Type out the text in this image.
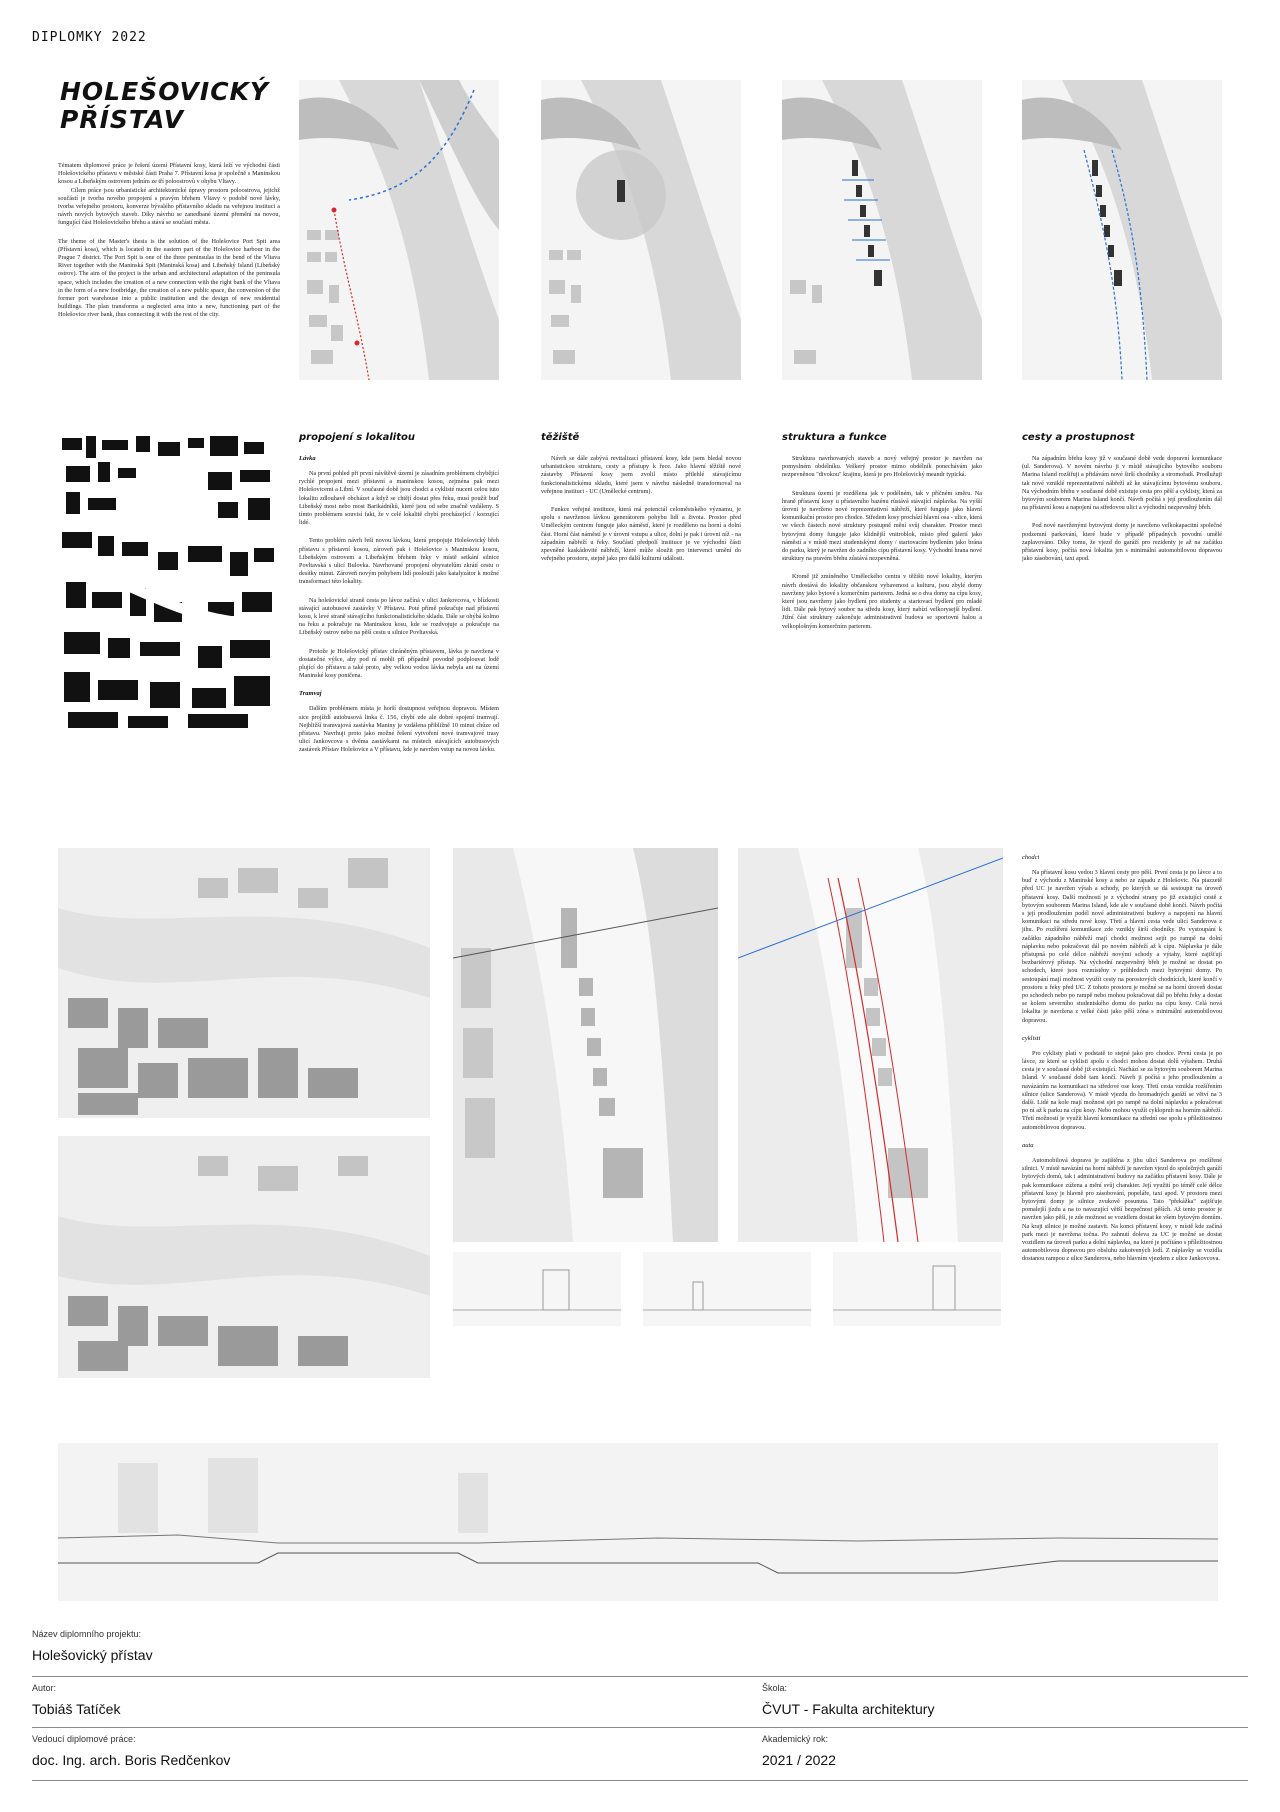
DIPLOMKY 2022
HOLEŠOVICKÝ
PŘÍSTAV

Tématem diplomové práce je řešení území Přístavní kosy, která leží ve východní části Holešovického přístavu v městské části Praha 7. Přístavní kosa je společně s Maninskou kosou a Libeňským ostrovem jedním ze tří poloostrovů v ohybu Vltavy.
Cílem práce jsou urbanistické architektonické úpravy prostoru poloostrova, jejichž součástí je tvorba nového propojení s pravým břehem Vltavy v podobě nové lávky, tvorba veřejného prostoru, konverze bývalého přístavního skladu na veřejnou instituci a návrh nových bytových staveb. Díky návrhu se zanedbané území přemění na novou, fungující část Holešovického břehu a stává se součástí města.

The theme of the Master's thesis is the solution of the Holešovice Port Spit area (Přístavní kosa), which is located in the eastern part of the Holešovice harbour in the Prague 7 district. The Port Spit is one of the three peninsulas in the bend of the Vltava River together with the Maninská Spit (Maninská kosa) and Libeňský Island (Libeňský ostrov). The aim of the project is the urban and architectural adaptation of the peninsula space, which includes the creation of a new connection with the right bank of the Vltava in the form of a new footbridge, the creation of a new public space, the conversion of the former port warehouse into a public institution and the design of new residential buildings. The plan transforms a neglected area into a new, functioning part of the Holešovice river bank, thus connecting it with the rest of the city.

propojení s lokalitou
Lávka

Na první pohled při první návštěvě území je zásadním problémem chybějící rychlé propojení mezi přístavní a maninskou kosou, zejména pak mezi Holešovicemi a Libní. V současné době jsou chodci a cyklisté nuceni celou tuto lokalitu zdlouhavě obcházet a když se chtějí dostat přes řeku, musí použít buď Libeňský most nebo most Barikádníků, které jsou od sebe značně vzdáleny. S tímto problémem souvisí fakt, že v celé lokalitě chybí procházející / korzující lidé.

Tento problém návrh řeší novou lávkou, která propojuje Holešovický břeh přístavu s přístavní kosou, zároveň pak i Holešovice s Maninskou kosou, Libeňským ostrovem a Libeňským břehem řeky v místě setkání silnice Povltavská s ulicí Bulovka. Navrhované propojení obyvatelům zkrátí cestu o desítky minut. Zároveň novým pohybem lidí poslouží jako katalyzátor k možné transformaci této lokality.

Na holešovické straně cesta po lávce začíná v ulici Jankovcova, v blízkosti stávající autobusové zastávky V Přístavu. Poté přímě pokračuje nad přístavní kosu, k levé straně stávajícího funkcionalistického skladu. Dále se ohýbá kolmo na řeku a pokračuje na Maninskou kosu, kde se rozdvojuje a pokračuje na Libeňský ostrov nebo na pěší cestu u silnice Povltavská.

Protože je Holešovický přístav chráněným přístavem, lávka je navržena v dostatečné výšce, aby pod ní mohli pří případně povodně podplouvat lodě plující do přístavu a také proto, aby velkou vodou lávka nebyla ani na území Maninské kosy poničena.

Tramvaj

Dalším problémem místa je horší dostupnost veřejnou dopravou. Místem sice projíždí autobusová linka č. 156, chybí zde ale dobré spojení tramvají. Nejbližší tramvajová zastávka Maniny je vzdálena přibližně 10 minut chůze od přístavu. Navrhuji proto jako možné řešení vytvoření nové tramvajové trasy ulicí Jankovcova s dvěma zastávkami na místech stávajících autobusových zastávek Přístav Holešovice a V přístavu, kde je navržen vstup na novou lávku.

těžiště

Návrh se dále zabývá revitalizací přístavní kosy, kde jsem bledal novou urbanistickou strukturu, cesty a přístupy k řece. Jako hlavní těžiště nové zástavby Přístavní kosy jsem zvolil místo přilehlé stávajícímu funkcionalistickému skladu, které jsem v návrhu následně transformoval na veřejnou instituci - UC (Umělecké centrum).

Funkce veřejné instituce, která má potenciál celoměstského významu, je spolu s navrženou lávkou generátorem pohybu lidí a života. Prostor před Uměleckým centrem funguje jako náměstí, které je rozděleno na horní a dolní část. Horní část náměstí je v úrovni vstupu a ulice, dolní je pak i úrovni níž - na západním nábřeží u řeky. Součástí předpolí instituce je ve východní části zpevněné kaskádovité nábřeží, které může sloužit pro intervenci umění do veřejného prostoru, stejně jako pro další kulturní události.

struktura a funkce

Struktura navrhovaných staveb a nový veřejný prostor je navržen na pomyslném obdélníku. Veškerý prostor mimo obdélník ponechávám jako nezpevněnou "divokou" krajinu, která je pro Holešovický meandr typická.

Struktura území je rozdělena jak v podélném, tak v příčném směru. Na hraně přístavní kosy u přístavního bazénu růstává stávající náplavka. Na vyšší úrovni je navrženo nové reprezentativní nábřeží, které funguje jako hlavní komunikační prostor pro chodce. Středem kosy prochází hlavní osa - ulice, která ve všech částech nové struktury postupně mění svůj charakter. Prostor mezi bytovými domy funguje jako klidnější vnitroblok, místo před galerií jako náměstí a v místě mezi studentskými domy / startovacím bydlením jako brána do parku, který je navržen do zadního cípu přístavní kosy. Východní hrana nové struktury na pravém břehu zůstává nezpevněná.

Kromě již zmíněného Uměleckého centra v těžišti nové lokality, kterým návrh dostává do lokality občanskou vybavenost a kulturu, jsou zbylé domy navrženy jako bytové s komerčním parterem. Jedná se o dva domy na cípu kosy, které jsou navrženy jako bydlení pro studenty a startovací bydlení pro mladé lidi. Dále pak bytový soubor na středu kosy, který nabízí velkorysejší bydlení. Jižní část struktury zakončuje administrativní budova se sportovní halou a velkoplošným komerčním parterem.

cesty a prostupnost

Na západním břehu kosy již v současné době vede dopravní komunikace (ul. Sanderova). V novém návrhu ji v místě stávajícího bytového souboru Marina Island rozšiřuji a přidávám nové širší chodníky a stromořadí. Prodlužuji tak nové vzniklé reprezentativní nábřeží až ke stávajícímu bytovému souboru. Na východním břehu v současné době existuje cesta pro pěší a cyklisty, která za bytovým souborem Marina Island končí. Návrh počítá s její prodloužením dál na přístavní kosu a napojení na středovou ulici a východní nezpevněný břeh.

Pod nové navrženými bytovými domy je navrženo velkokapacitní společné podzemní parkování, které bude v případě případných povodní umělé zaplavováno. Díky tomu, že vjezd do garáží pro rezidenty je až na začátku přístavní kosy, počítá nová lokalita jen s minimální automobilovou dopravou jako zásobování, taxi apod.

chodci

Na přístavní kosu vedou 3 hlavní cesty pro pěší. První cesta je po lávce a to buď z východu z Maninské kosy a nebo ze západu z Holešovic. Na piazzetě před UC je navržen výtah a schody, po kterých se dá sestoupit na úroveň přístavní kosy. Další možností je z východní strany po již existující cestě z bytovým souborem Marina Island, kde ale v současné době končí. Návrh počítá s její prodloužením podél nové administrativní budovy a napojení na hlavní komunikaci na středu nové kosy. Třetí a hlavní cesta vede ulicí Sanderova z jihu. Po rozšíření komunikace zde vznikly širší chodníky. Po vystoupání k začátku západního nábřeží mají chodci možnost sejít po rampě na dolní náplavku nebo pokračovat dál po novém nábřeží až k cípu. Náplavka je dále přístupná po celé délce nábřeží novými schody a výtahy, které zajišťují bezbariérový přístup. Na východní nezpevněný břeh je možné se dostat po schodech, které jsou rozmístěny v průhledech mezi bytovými domy. Po sestoupání mají možnost využít cesty na porostových chodnících, které končí v prostoru u řeky před UC. Z tohoto prostoru je možné se na horní úroveň dostat po schodech nebo po rampě nebo mohou pokračovat dál po břehu řeky a dostat se kolem severního studentského domu do parku na cípu kosy. Celá nová lokalita je navržena z velké části jako pěší zóna s minimální automobilovou dopravou.

cyklisti

Pro cyklisty platí v podstatě to stejné jako pro chodce. První cesta je po lávce, ze které se cyklisti spolu s chodci mohou dostat dolů výtahem. Druhá cesta je v současné době již existující. Nachází se za bytovým souborem Marina Island. V současné době tam končí. Návrh ji počítá s jeho prodloužením a navázáním na komunikaci na středové ose kosy. Třetí cesta vznikla rozšířením silnice (ulice Sanderova). V místě vjezdu do hromadných garáží se větví na 3 další. Lidé na kole mají možnost sjet po rampě na dolní náplavku a pokračovat po ní až k parku na cípu kosy. Nebo mohou využít cyklopruh na horním nábřeží. Třetí možností je využít hlavní komunikace na střední ose spolu s příležitostnou automobilovou dopravou.

auta

Automobilová doprava je zajištěna z jihu ulicí Sanderova po rozšířené silnici. V místě navázání na horní nábřeží je navržen vjezd do společných garáží bytových domů, tak i administrativní budovy na začátku přístavní kosy. Dále je pak komunikace zúžena a mění svůj charakter. Její využití po téměř celé délce přístavní kosy je hlavně pro zásobování, popeláře, taxi apod. V prostoru mezi bytovými domy je silnice zvukově posunuta. Tato "překážka" zajišťuje pomalejší jízdu a na to navazující větší bezpečnost pěších. Až tento prostor je navržen jako pěší, je zde možnost se vozidlem dostat ke všem bytovým domům. Na kraji silnice je možné zastavit. Na konci přístavní kosy, v místě kde začíná park mezi je navržena točna. Po zahnutí doleva za UC je možné se dostat vozidlem na úroveň parku a dolní náplavku, na které je počítáno s příležitostnou automobilovou dopravou pro obsluhu zakotvených lodí. Z náplavky se vozidla dostanou rampou z ulice Sanderova, nebo hlavním vjezdem z ulice Jankovcova.

Název diplomního projektu:
Holešovický přístav
Autor:
Tobiáš Tatíček
Škola:
ČVUT - Fakulta architektury
Vedoucí diplomové práce:
doc. Ing. arch. Boris Redčenkov
Akademický rok:
2021 / 2022
